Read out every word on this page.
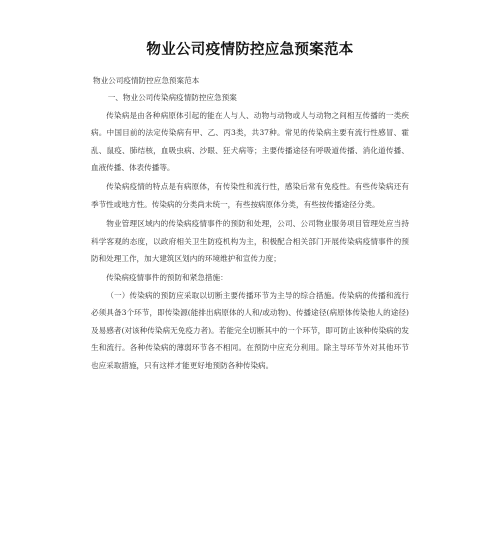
物业公司疫情防控应急预案范本

物业公司疫情防控应急预案范本

一、物业公司传染病疫情防控应急预案

传染病是由各种病原体引起的能在人与人、动物与动物或人与动物之间相互传播的一类疾病。中国目前的法定传染病有甲、乙、丙3类，共37种。常见的传染病主要有流行性感冒、霍乱、鼠疫、肺结核，血吸虫病、沙眼、狂犬病等；主要传播途径有呼吸道传播、消化道传播、血液传播、体表传播等。

传染病疫情的特点是有病原体，有传染性和流行性，感染后常有免疫性。有些传染病还有季节性或地方性。传染病的分类尚未统一，有些按病原体分类，有些按传播途径分类。

物业管理区域内的传染病疫情事件的预防和处理，公司、公司物业服务项目管理处应当持科学客观的态度，以政府相关卫生防疫机构为主，积极配合相关部门开展传染病疫情事件的预防和处理工作，加大建筑区划内的环境维护和宣传力度；

传染病疫情事件的预防和紧急措施：

（一）传染病的预防应采取以切断主要传播环节为主导的综合措施。传染病的传播和流行必须具备3个环节，即传染源(能排出病原体的人和/或动物)、传播途径(病原体传染他人的途径)及易感者(对该种传染病无免疫力者)。若能完全切断其中的一个环节，即可防止该种传染病的发生和流行。各种传染病的薄弱环节各不相同。在预防中应充分利用。除主导环节外对其他环节也应采取措施，只有这样才能更好地预防各种传染病。
